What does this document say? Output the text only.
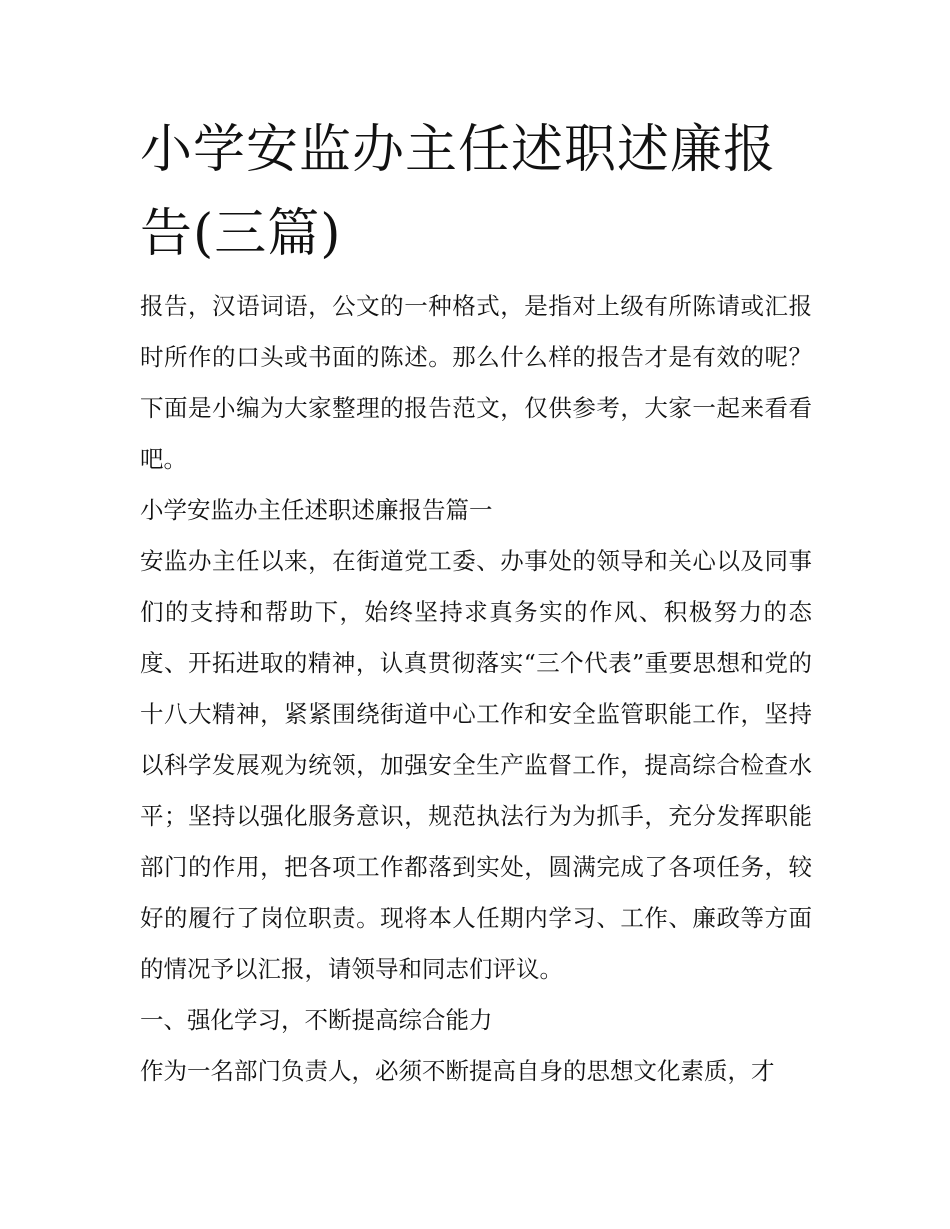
小学安监办主任述职述廉报告(三篇)

报告，汉语词语，公文的一种格式，是指对上级有所陈请或汇报时所作的口头或书面的陈述。那么什么样的报告才是有效的呢？下面是小编为大家整理的报告范文，仅供参考，大家一起来看看吧。

小学安监办主任述职述廉报告篇一

安监办主任以来，在街道党工委、办事处的领导和关心以及同事们的支持和帮助下，始终坚持求真务实的作风、积极努力的态度、开拓进取的精神，认真贯彻落实“三个代表”重要思想和党的十八大精神，紧紧围绕街道中心工作和安全监管职能工作，坚持以科学发展观为统领，加强安全生产监督工作，提高综合检查水平；坚持以强化服务意识，规范执法行为为抓手，充分发挥职能部门的作用，把各项工作都落到实处，圆满完成了各项任务，较好的履行了岗位职责。现将本人任期内学习、工作、廉政等方面的情况予以汇报，请领导和同志们评议。

一、强化学习，不断提高综合能力

作为一名部门负责人，必须不断提高自身的思想文化素质，才
